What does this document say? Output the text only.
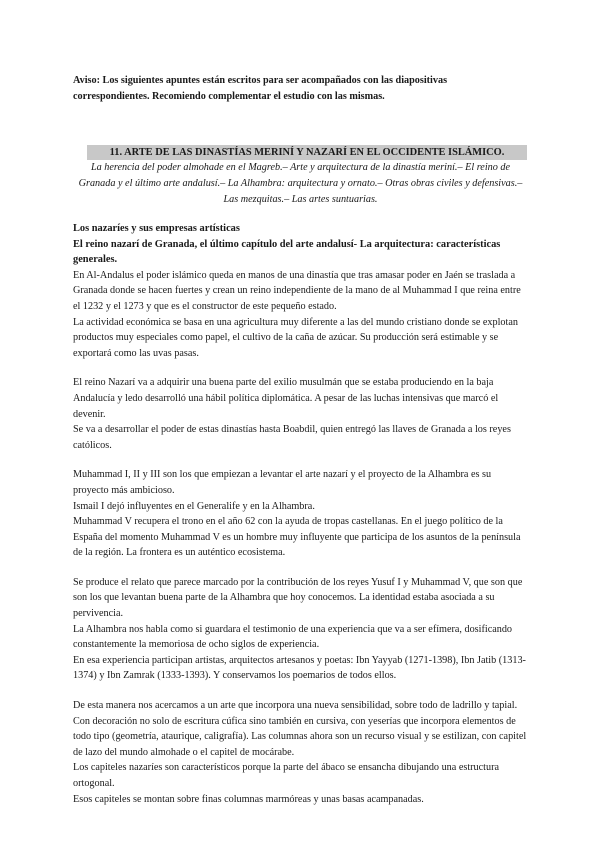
Aviso: Los siguientes apuntes están escritos para ser acompañados con las diapositivas correspondientes. Recomiendo complementar el estudio con las mismas.
11. ARTE DE LAS DINASTÍAS MERINÍ Y NAZARÍ EN EL OCCIDENTE ISLÁMICO.
La herencia del poder almohade en el Magreb.– Arte y arquitectura de la dinastía meriní.– El reino de Granada y el último arte andalusí.– La Alhambra: arquitectura y ornato.– Otras obras civiles y defensivas.– Las mezquitas.– Las artes suntuarias.
Los nazaríes y sus empresas artísticas
El reino nazarí de Granada, el último capítulo del arte andalusí- La arquitectura: características generales.
En Al-Andalus el poder islámico queda en manos de una dinastía que tras amasar poder en Jaén se traslada a Granada donde se hacen fuertes y crean un reino independiente de la mano de al Muhammad I que reina entre el 1232 y el 1273 y que es el constructor de este pequeño estado.
La actividad económica se basa en una agricultura muy diferente a las del mundo cristiano donde se explotan productos muy especiales como papel, el cultivo de la caña de azúcar. Su producción será estimable y se exportará como las uvas pasas.
El reino Nazarí va a adquirir una buena parte del exilio musulmán que se estaba produciendo en la baja Andalucía y ledo desarrolló una hábil política diplomática. A pesar de las luchas intensivas que marcó el devenir.
Se va a desarrollar el poder de estas dinastías hasta Boabdil, quien entregó las llaves de Granada a los reyes católicos.
Muhammad I, II y III son los que empiezan a levantar el arte nazarí y el proyecto de la Alhambra es su proyecto más ambicioso.
Ismail I dejó influyentes en el Generalife y en la Alhambra.
Muhammad V recupera el trono en el año 62 con la ayuda de tropas castellanas. En el juego político de la España del momento Muhammad V es un hombre muy influyente que participa de los asuntos de la península de la región. La frontera es un auténtico ecosistema.
Se produce el relato que parece marcado por la contribución de los reyes Yusuf I y Muhammad V, que son que son los que levantan buena parte de la Alhambra que hoy conocemos. La identidad estaba asociada a su pervivencia.
La Alhambra nos habla como si guardara el testimonio de una experiencia que va a ser efímera, dosificando constantemente la memoriosa de ocho siglos de experiencia.
En esa experiencia participan artistas, arquitectos artesanos y poetas: Ibn Yayyab (1271-1398), Ibn Jatib (1313-1374) y Ibn Zamrak (1333-1393). Y conservamos los poemarios de todos ellos.
De esta manera nos acercamos a un arte que incorpora una nueva sensibilidad, sobre todo de ladrillo y tapial. Con decoración no solo de escritura cúfica sino también en cursiva, con yeserías que incorpora elementos de todo tipo (geometría, ataurique, caligrafía). Las columnas ahora son un recurso visual y se estilizan, con capitel de lazo del mundo almohade o el capitel de mocárabe.
Los capiteles nazaríes son característicos porque la parte del ábaco se ensancha dibujando una estructura ortogonal.
Esos capiteles se montan sobre finas columnas marmóreas y unas basas acampanadas.
